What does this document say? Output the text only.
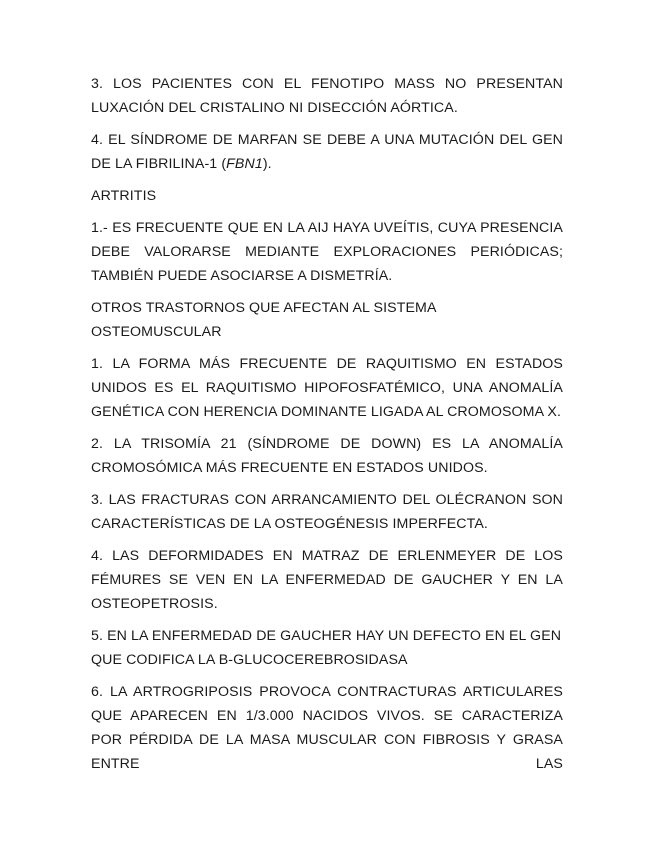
3. LOS PACIENTES CON EL FENOTIPO MASS NO PRESENTAN LUXACIÓN DEL CRISTALINO NI DISECCIÓN AÓRTICA.

4. EL SÍNDROME DE MARFAN SE DEBE A UNA MUTACIÓN DEL GEN DE LA FIBRILINA-1 (FBN1).

ARTRITIS

1.- ES FRECUENTE QUE EN LA AIJ HAYA UVEÍTIS, CUYA PRESENCIA DEBE VALORARSE MEDIANTE EXPLORACIONES PERIÓDICAS; TAMBIÉN PUEDE ASOCIARSE A DISMETRÍA.

OTROS TRASTORNOS QUE AFECTAN AL SISTEMA OSTEOMUSCULAR

1. LA FORMA MÁS FRECUENTE DE RAQUITISMO EN ESTADOS UNIDOS ES EL RAQUITISMO HIPOFOSFATÉMICO, UNA ANOMALÍA GENÉTICA CON HERENCIA DOMINANTE LIGADA AL CROMOSOMA X.

2. LA TRISOMÍA 21 (SÍNDROME DE DOWN) ES LA ANOMALÍA CROMOSÓMICA MÁS FRECUENTE EN ESTADOS UNIDOS.

3. LAS FRACTURAS CON ARRANCAMIENTO DEL OLÉCRANON SON CARACTERÍSTICAS DE LA OSTEOGÉNESIS IMPERFECTA.

4. LAS DEFORMIDADES EN MATRAZ DE ERLENMEYER DE LOS FÉMURES SE VEN EN LA ENFERMEDAD DE GAUCHER Y EN LA OSTEOPETROSIS.

5. EN LA ENFERMEDAD DE GAUCHER HAY UN DEFECTO EN EL GEN QUE CODIFICA LA B-GLUCOCEREBROSIDASA

6. LA ARTROGRIPOSIS PROVOCA CONTRACTURAS ARTICULARES QUE APARECEN EN 1/3.000 NACIDOS VIVOS. SE CARACTERIZA POR PÉRDIDA DE LA MASA MUSCULAR CON FIBROSIS Y GRASA ENTRE LAS
